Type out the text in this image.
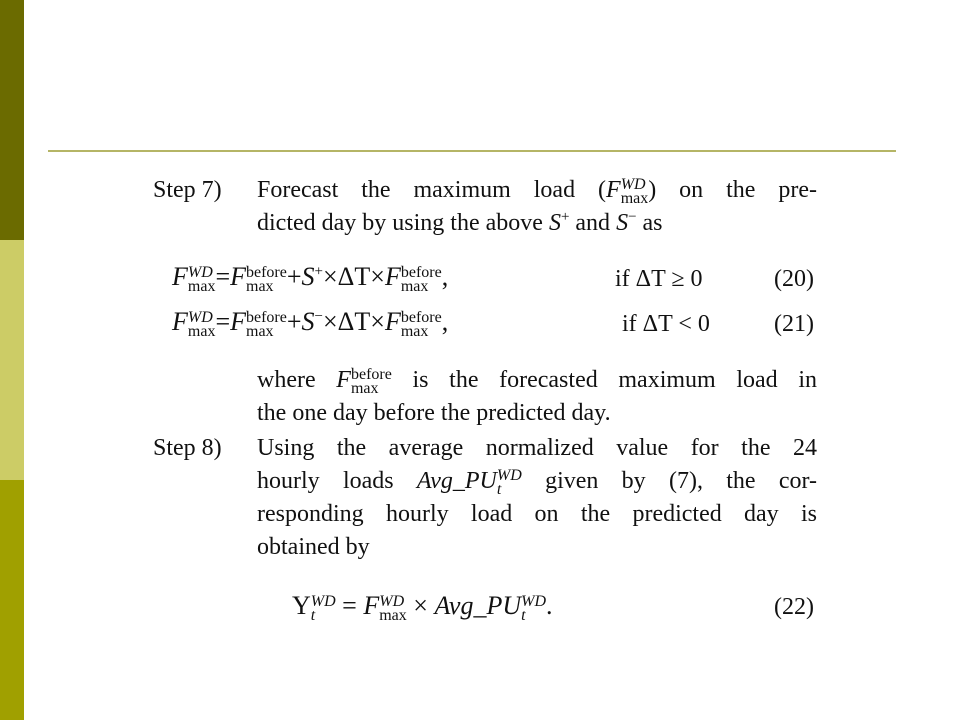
Step 7) Forecast the maximum load (F WD
max ) on the pre-
dicted day by using the above S+ and S− as
F WD
max =F before
max +S+×ΔT×F before
max ,	if ΔT ≥ 0	(20)
F WD
max =F before
max +S−×ΔT×F before
max ,	if ΔT < 0	(21)
where F before
max	is the forecasted maximum load in
the one day before the predicted day.
Step 8) Using the average normalized value for the 24
hourly loads Avg_PU WD
t	given by (7), the cor-
responding hourly load on the predicted day is
obtained by
Y WD
t	= F WD
max × Avg_PU WD
t .	(22)
